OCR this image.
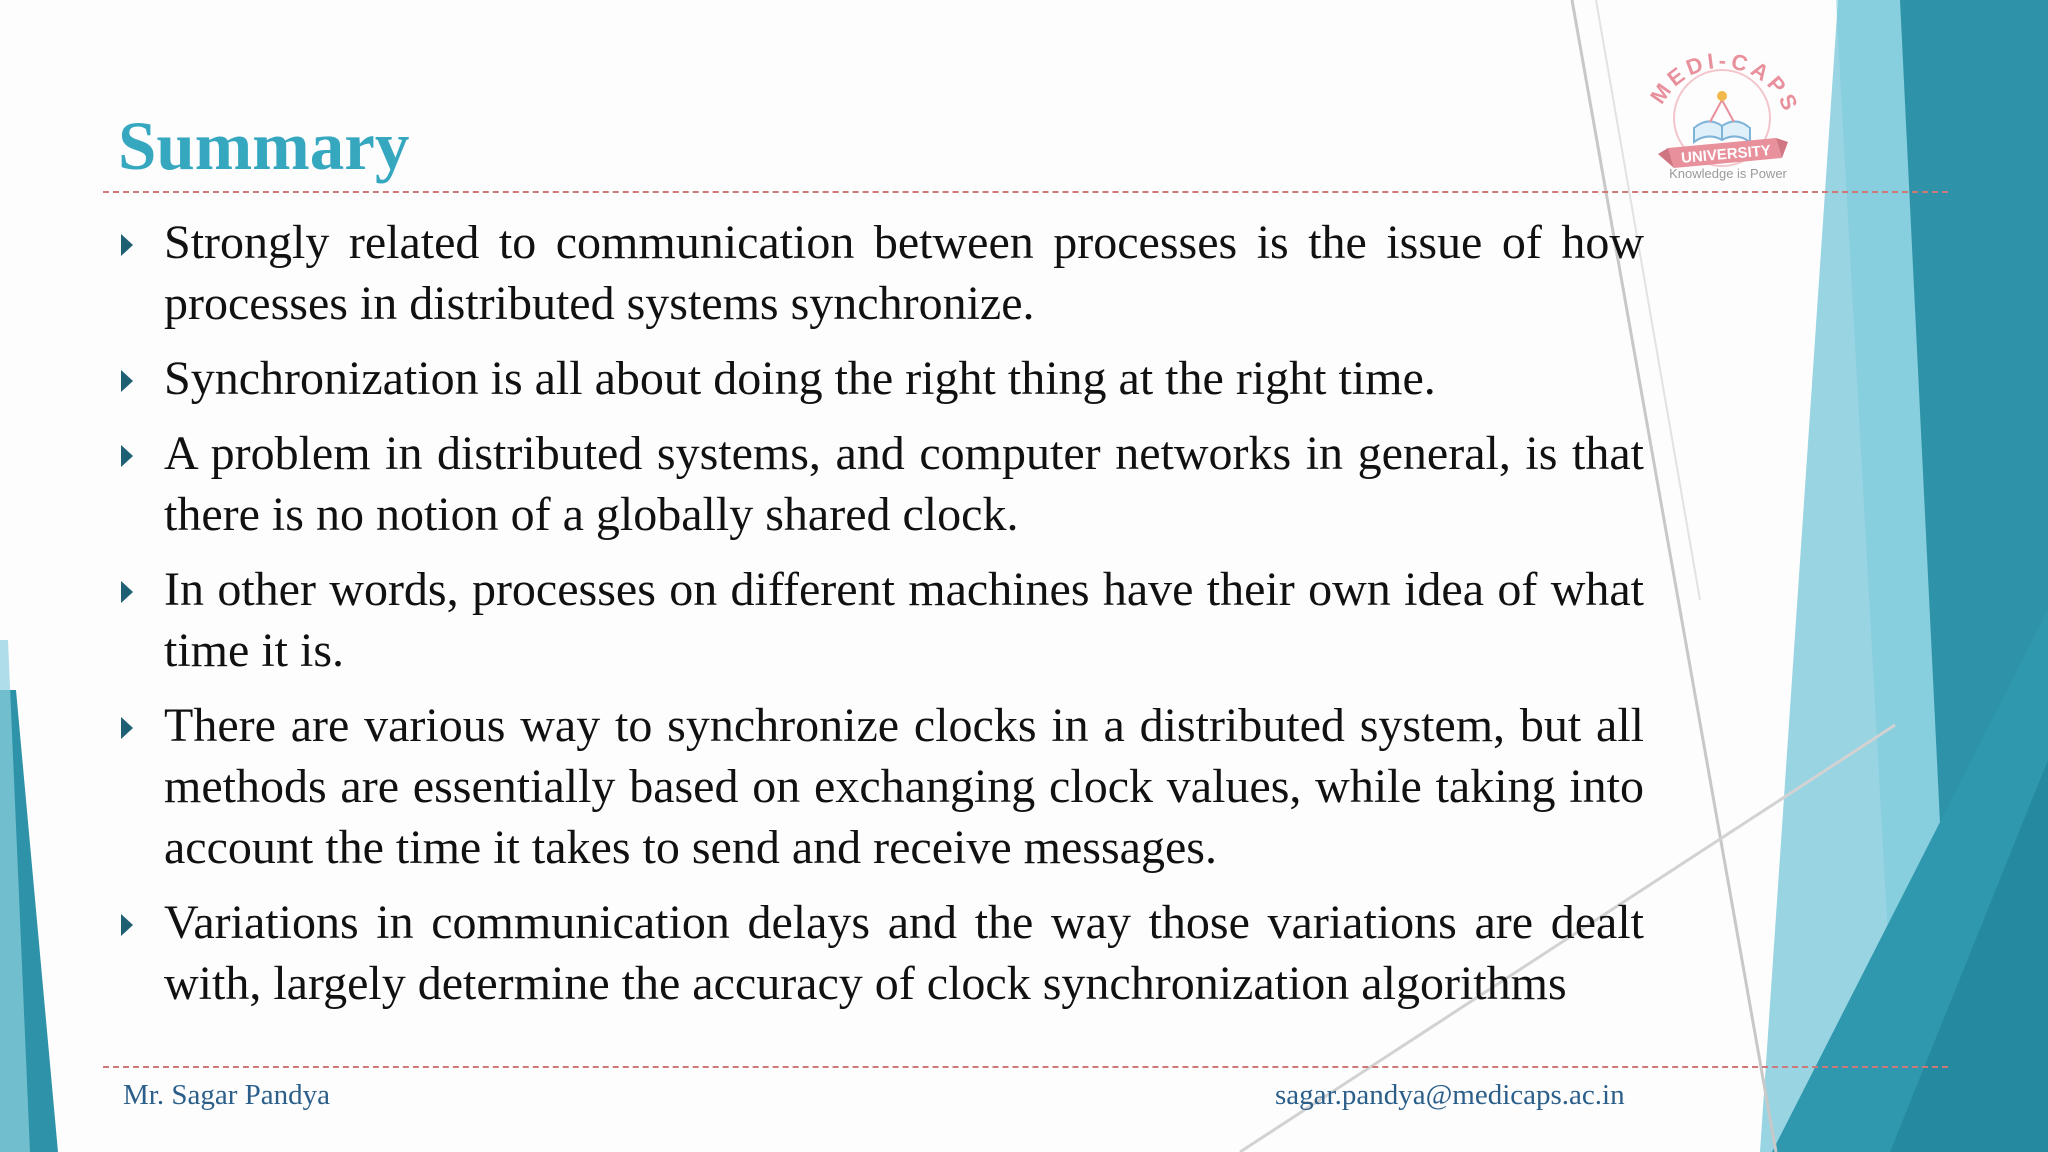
MEDI-CAPS
UNIVERSITY
Knowledge is Power
Summary
Strongly related to communication between processes is the issue of how processes in distributed systems synchronize.
Synchronization is all about doing the right thing at the right time.
A problem in distributed systems, and computer networks in general, is that there is no notion of a globally shared clock.
In other words, processes on different machines have their own idea of what time it is.
There are various way to synchronize clocks in a distributed system, but all methods are essentially based on exchanging clock values, while taking into account the time it takes to send and receive messages.
Variations in communication delays and the way those variations are dealt with, largely determine the accuracy of clock synchronization algorithms
Mr. Sagar Pandya	sagar.pandya@medicaps.ac.in
